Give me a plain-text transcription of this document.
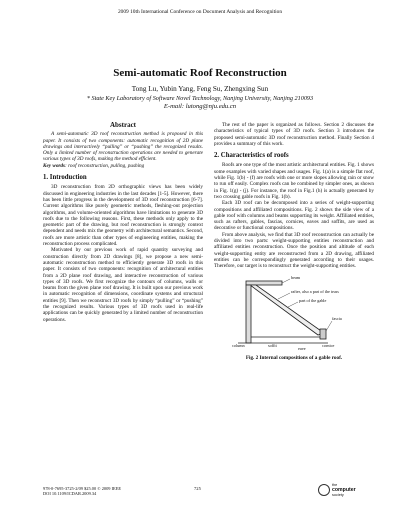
2009 10th International Conference on Document Analysis and Recognition
Semi-automatic Roof Reconstruction
Tong Lu, Yubin Yang, Feng Su, Zhengxing Sun
* State Key Laboratory of Software Novel Technology, Nanjing University, Nanjing 210093
E-mail: lutong@nju.edu.cn
Abstract

A semi-automatic 3D roof reconstruction method is proposed in this paper. It consists of two components: automatic recognition of 2D plane drawings and interactively “pulling” or “pushing” the recognized results. Only a limited number of reconstruction operations are needed to generate various types of 3D roofs, making the method efficient.

Key words: roof reconstruction, pulling, pushing

1. Introduction

3D reconstruction from 2D orthographic views has been widely discussed in engineering industries in the last decades [1-5]. However, there has been little progress in the development of 3D roof reconstruction [6-7]. Current algorithms like purely geometric methods, fleshing-out projection algorithms, and volume-oriented algorithms have limitations to generate 3D roofs due to the following reasons. First, these methods only apply to the geometric part of the drawing, but roof reconstruction is strongly context dependent and needs mix the geometry with architectural semantics. Second, roofs are more artistic than other types of engineering entities, making the reconstruction process complicated.

Motivated by our previous work of rapid quantity surveying and construction directly from 2D drawings [8], we propose a new semi-automatic reconstruction method to efficiently generate 3D roofs in this paper. It consists of two components: recognition of architectural entities from a 2D plane roof drawing, and interactive reconstruction of various types of 3D roofs. We first recognize the contours of columns, walls or beams from the given plane roof drawing. It is built upon our previous work in automatic recognition of dimensions, coordinate systems and structural entities [9]. Then we reconstruct 3D roofs by simply “pulling” or “pushing” the recognized results. Various types of 3D roofs used in real-life applications can be quickly generated by a limited number of reconstruction operations.

The rest of the paper is organized as follows. Section 2 discusses the characteristics of typical types of 3D roofs. Section 3 introduces the proposed semi-automatic 3D roof reconstruction method. Finally Section 4 provides a summary of this work.

2. Characteristics of roofs

Roofs are one type of the most artistic architectural entities. Fig. 1 shows some examples with varied shapes and usages. Fig. 1(a) is a simple flat roof, while Fig. 1(b) - (f) are roofs with one or more slopes allowing rain or snow to run off easily. Complex roofs can be combined by simpler ones, as shown in Fig. 1(g) - (j). For instance, the roof in Fig.1 (h) is actually generated by two crossing gable roofs in Fig. 1(b).

Each 3D roof can be decomposed into a series of weight-supporting compositions and affiliated compositions. Fig. 2 shows the side view of a gable roof with columns and beams supporting its weight. Affiliated entities, such as rafters, gables, fascias, cornices, eaves and soffits, are used as decorative or functional compositions.

From above analysis, we find that 3D roof reconstruction can actually be divided into two parts: weight-supporting entities reconstruction and affiliated entities reconstruction. Once the position and altitude of each weight-supporting entity are reconstructed from a 2D drawing, affiliated entities can be correspondingly generated according to their usages. Therefore, our target is to reconstruct the weight-supporting entities.

beam
rafter, also a part of the truss
part of the gable
fascia
column	soffit
eave
cornice
Fig. 2 Internal compositions of a gable roof.
978-0-7695-3725-2/09 $25.00 © 2009 IEEE
DOI 10.1109/ICDAR.2009.34
725
the
computer
society
